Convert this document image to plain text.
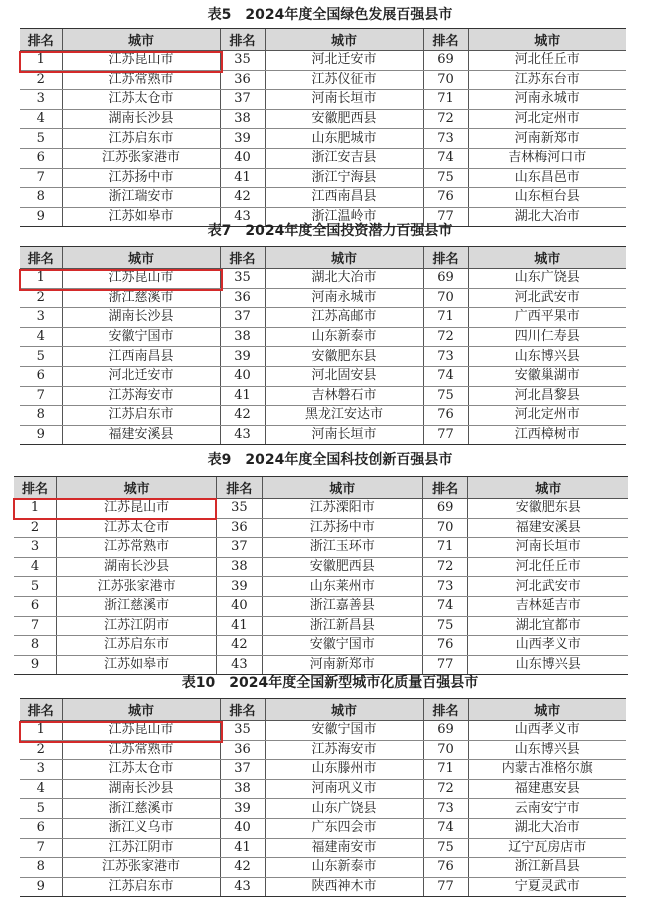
表5　2024年度全国绿色发展百强县市
排名	城市	排名	城市	排名	城市
1	江苏昆山市	35	河北迁安市	69	河北任丘市
2	江苏常熟市	36	江苏仪征市	70	江苏东台市
3	江苏太仓市	37	河南长垣市	71	河南永城市
4	湖南长沙县	38	安徽肥西县	72	河北定州市
5	江苏启东市	39	山东肥城市	73	河南新郑市
6	江苏张家港市	40	浙江安吉县	74	吉林梅河口市
7	江苏扬中市	41	浙江宁海县	75	山东昌邑市
8	浙江瑞安市	42	江西南昌县	76	山东桓台县
9	江苏如皋市	43	浙江温岭市	77	湖北大冶市
表7　2024年度全国投资潜力百强县市
排名	城市	排名	城市	排名	城市
1	江苏昆山市	35	湖北大冶市	69	山东广饶县
2	浙江慈溪市	36	河南永城市	70	河北武安市
3	湖南长沙县	37	江苏高邮市	71	广西平果市
4	安徽宁国市	38	山东新泰市	72	四川仁寿县
5	江西南昌县	39	安徽肥东县	73	山东博兴县
6	河北迁安市	40	河北固安县	74	安徽巢湖市
7	江苏海安市	41	吉林磐石市	75	河北昌黎县
8	江苏启东市	42	黑龙江安达市	76	河北定州市
9	福建安溪县	43	河南长垣市	77	江西樟树市
表9　2024年度全国科技创新百强县市
排名	城市	排名	城市	排名	城市
1	江苏昆山市	35	江苏溧阳市	69	安徽肥东县
2	江苏太仓市	36	江苏扬中市	70	福建安溪县
3	江苏常熟市	37	浙江玉环市	71	河南长垣市
4	湖南长沙县	38	安徽肥西县	72	河北任丘市
5	江苏张家港市	39	山东莱州市	73	河北武安市
6	浙江慈溪市	40	浙江嘉善县	74	吉林延吉市
7	江苏江阴市	41	浙江新昌县	75	湖北宜都市
8	江苏启东市	42	安徽宁国市	76	山西孝义市
9	江苏如皋市	43	河南新郑市	77	山东博兴县
表10　2024年度全国新型城市化质量百强县市
排名	城市	排名	城市	排名	城市
1	江苏昆山市	35	安徽宁国市	69	山西孝义市
2	江苏常熟市	36	江苏海安市	70	山东博兴县
3	江苏太仓市	37	山东滕州市	71	内蒙古准格尔旗
4	湖南长沙县	38	河南巩义市	72	福建惠安县
5	浙江慈溪市	39	山东广饶县	73	云南安宁市
6	浙江义乌市	40	广东四会市	74	湖北大冶市
7	江苏江阴市	41	福建南安市	75	辽宁瓦房店市
8	江苏张家港市	42	山东新泰市	76	浙江新昌县
9	江苏启东市	43	陕西神木市	77	宁夏灵武市
